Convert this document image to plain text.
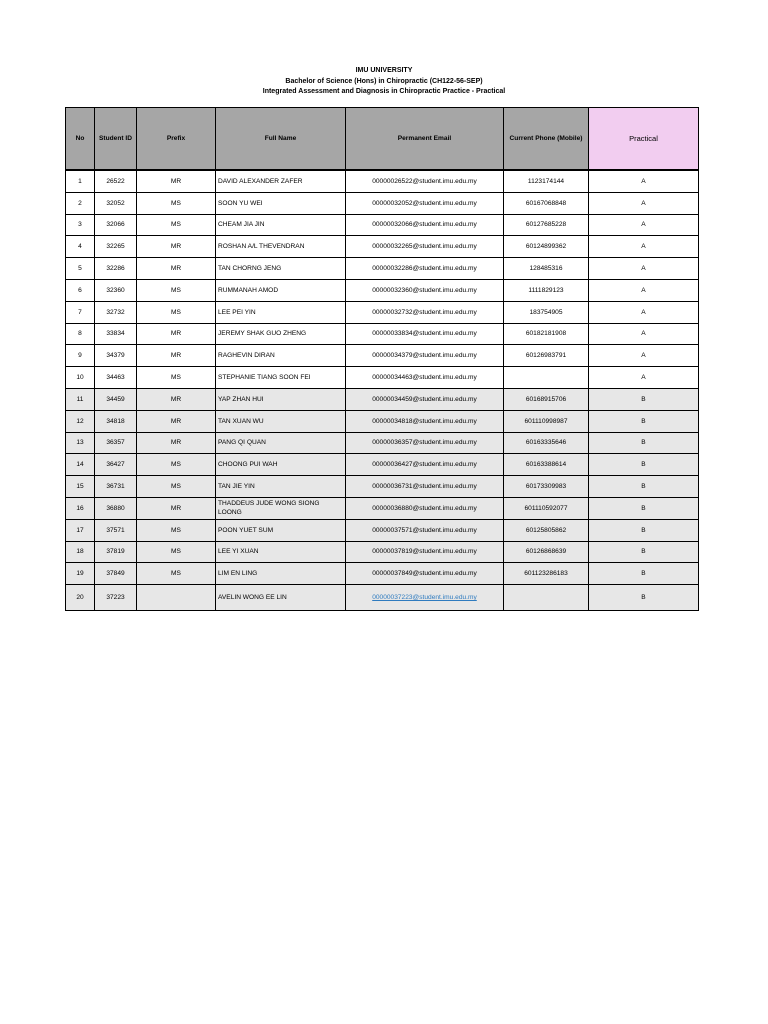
IMU UNIVERSITY
Bachelor of Science (Hons) in Chiropractic (CH122-56-SEP)
Integrated Assessment and Diagnosis in Chiropractic Practice - Practical
No	Student ID	Prefix	Full Name	Permanent Email	Current Phone (Mobile)	Practical
1	26522	MR	DAVID ALEXANDER ZAFER	00000026522@student.imu.edu.my	1123174144	A
2	32052	MS	SOON YU WEI	00000032052@student.imu.edu.my	60167068848	A
3	32066	MS	CHEAM JIA JIN	00000032066@student.imu.edu.my	60127685228	A
4	32265	MR	ROSHAN A/L THEVENDRAN	00000032265@student.imu.edu.my	60124899362	A
5	32286	MR	TAN CHORNG JENG	00000032286@student.imu.edu.my	128485316	A
6	32360	MS	RUMMANAH AMOD	00000032360@student.imu.edu.my	1111829123	A
7	32732	MS	LEE PEI YIN	00000032732@student.imu.edu.my	183754905	A
8	33834	MR	JEREMY SHAK GUO ZHENG	00000033834@student.imu.edu.my	60182181908	A
9	34379	MR	RAGHEVIN DIRAN	00000034379@student.imu.edu.my	60126983791	A
10	34463	MS	STEPHANIE TIANG SOON FEI	00000034463@student.imu.edu.my		A
11	34459	MR	YAP ZHAN HUI	00000034459@student.imu.edu.my	60168915706	B
12	34818	MR	TAN XUAN WU	00000034818@student.imu.edu.my	601110998987	B
13	36357	MR	PANG QI QUAN	00000036357@student.imu.edu.my	60163335646	B
14	36427	MS	CHOONG PUI WAH	00000036427@student.imu.edu.my	60163388614	B
15	36731	MS	TAN JIE YIN	00000036731@student.imu.edu.my	60173309983	B
16	36880	MR	THADDEUS JUDE WONG SIONG LOONG	00000036880@student.imu.edu.my	601110592077	B
17	37571	MS	POON YUET SUM	00000037571@student.imu.edu.my	60125805862	B
18	37819	MS	LEE YI XUAN	00000037819@student.imu.edu.my	60126868639	B
19	37849	MS	LIM EN LING	00000037849@student.imu.edu.my	601123286183	B
20	37223		AVELIN WONG EE LIN	00000037223@student.imu.edu.my		B
